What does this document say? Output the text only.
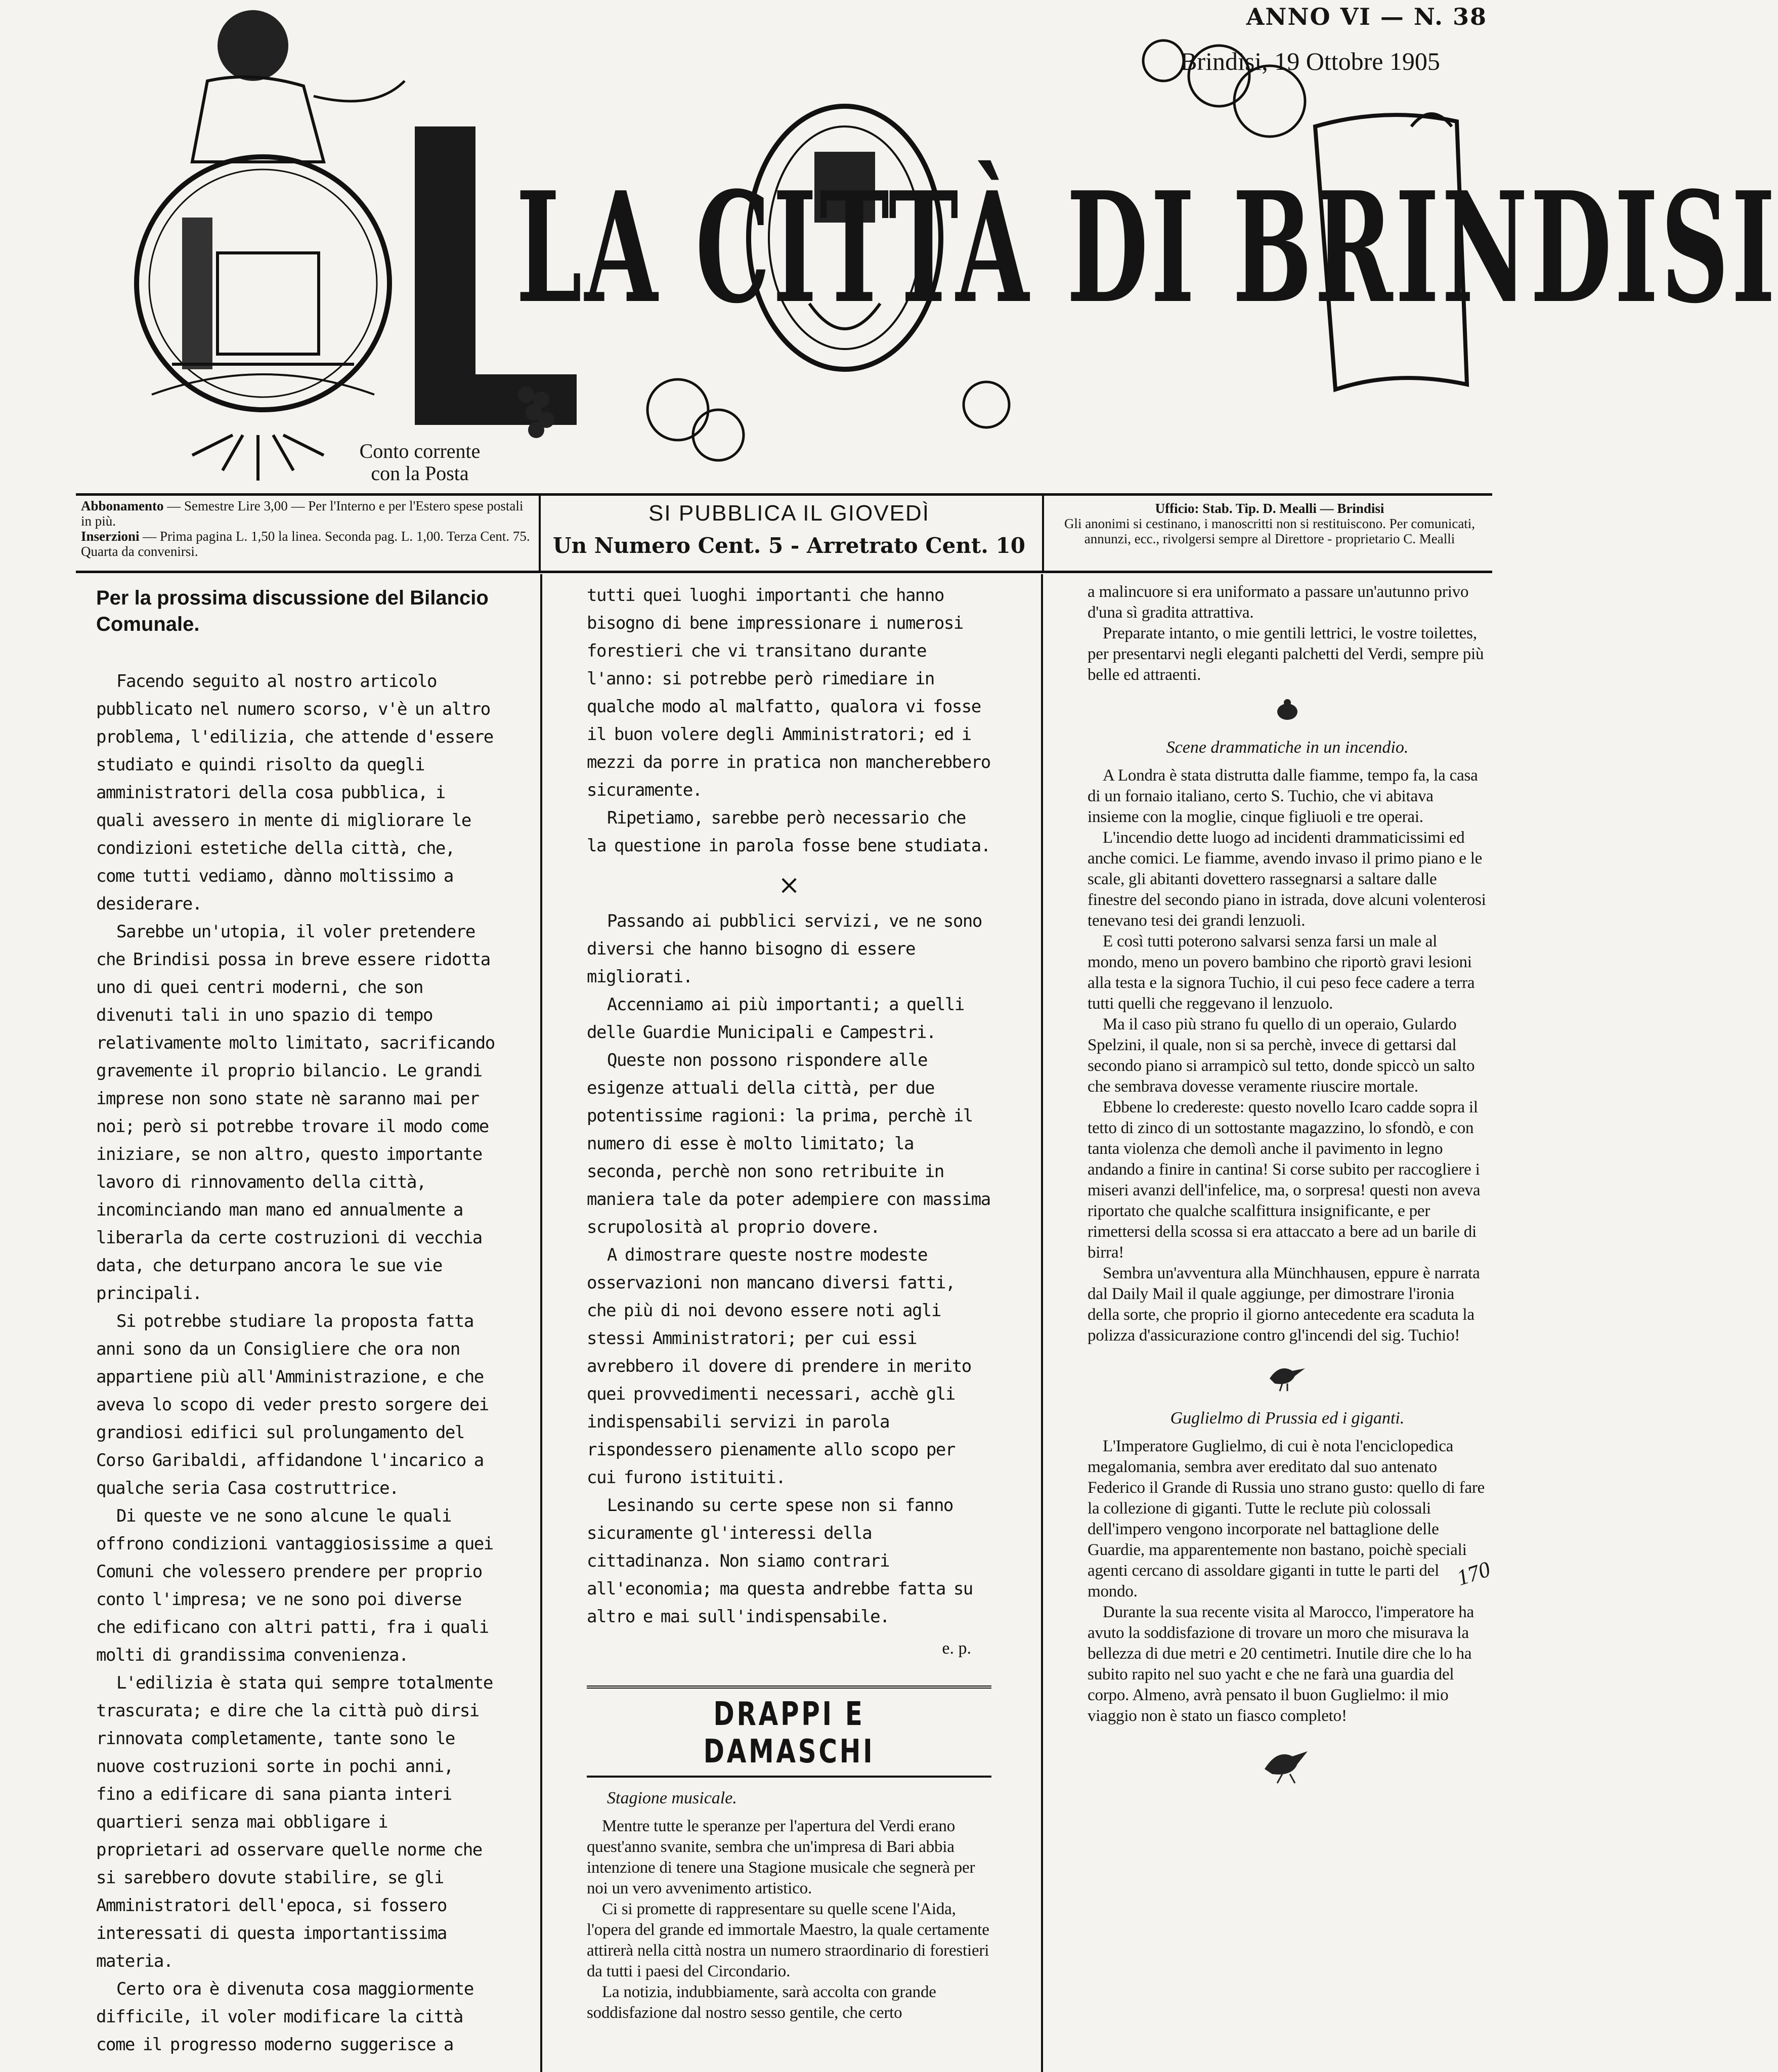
ANNO VI — N. 38
Brindisi, 19 Ottobre 1905
LA CITTÀ DI BRINDISI
Conto corrente con la Posta
Abbonamento — Semestre Lire 3,00 — Per l'Interno e per l'Estero spese postali in più.
Inserzioni — Prima pagina L. 1,50 la linea. Seconda pag. L. 1,00. Terza Cent. 75. Quarta da convenirsi.
SI PUBBLICA IL GIOVEDÌ
Un Numero Cent. 5 - Arretrato Cent. 10
Ufficio: Stab. Tip. D. Mealli — Brindisi
Gli anonimi si cestinano, i manoscritti non si restituiscono. Per comunicati, annunzi, ecc., rivolgersi sempre al Direttore - proprietario C. Mealli
Per la prossima discussione del Bilancio Comunale.

Facendo seguito al nostro articolo pubblicato nel numero scorso, v'è un altro problema, l'edilizia, che attende d'essere studiato e quindi risolto da quegli amministratori della cosa pubblica, i quali avessero in mente di migliorare le condizioni estetiche della città, che, come tutti vediamo, dànno moltissimo a desiderare.

Sarebbe un'utopia, il voler pretendere che Brindisi possa in breve essere ridotta uno di quei centri moderni, che son divenuti tali in uno spazio di tempo relativamente molto limitato, sacrificando gravemente il proprio bilancio. Le grandi imprese non sono state nè saranno mai per noi; però si potrebbe trovare il modo come iniziare, se non altro, questo importante lavoro di rinnovamento della città, incominciando man mano ed annualmente a liberarla da certe costruzioni di vecchia data, che deturpano ancora le sue vie principali.

Si potrebbe studiare la proposta fatta anni sono da un Consigliere che ora non appartiene più all'Amministrazione, e che aveva lo scopo di veder presto sorgere dei grandiosi edifici sul prolungamento del Corso Garibaldi, affidandone l'incarico a qualche seria Casa costruttrice.

Di queste ve ne sono alcune le quali offrono condizioni vantaggiosissime a quei Comuni che volessero prendere per proprio conto l'impresa; ve ne sono poi diverse che edificano con altri patti, fra i quali molti di grandissima convenienza.

L'edilizia è stata qui sempre totalmente trascurata; e dire che la città può dirsi rinnovata completamente, tante sono le nuove costruzioni sorte in pochi anni, fino a edificare di sana pianta interi quartieri senza mai obbligare i proprietari ad osservare quelle norme che si sarebbero dovute stabilire, se gli Amministratori dell'epoca, si fossero interessati di questa importantissima materia.

Certo ora è divenuta cosa maggiormente difficile, il voler modificare la città come il progresso moderno suggerisce a

tutti quei luoghi importanti che hanno bisogno di bene impressionare i numerosi forestieri che vi transitano durante l'anno: si potrebbe però rimediare in qualche modo al malfatto, qualora vi fosse il buon volere degli Amministratori; ed i mezzi da porre in pratica non mancherebbero sicuramente.

Ripetiamo, sarebbe però necessario che la questione in parola fosse bene studiata.

×

Passando ai pubblici servizi, ve ne sono diversi che hanno bisogno di essere migliorati.

Accenniamo ai più importanti; a quelli delle Guardie Municipali e Campestri.

Queste non possono rispondere alle esigenze attuali della città, per due potentissime ragioni: la prima, perchè il numero di esse è molto limitato; la seconda, perchè non sono retribuite in maniera tale da poter adempiere con massima scrupolosità al proprio dovere.

A dimostrare queste nostre modeste osservazioni non mancano diversi fatti, che più di noi devono essere noti agli stessi Amministratori; per cui essi avrebbero il dovere di prendere in merito quei provvedimenti necessari, acchè gli indispensabili servizi in parola rispondessero pienamente allo scopo per cui furono istituiti.

Lesinando su certe spese non si fanno sicuramente gl'interessi della cittadinanza. Non siamo contrari all'economia; ma questa andrebbe fatta su altro e mai sull'indispensabile.

e. p.
DRAPPI E DAMASCHI
Stagione musicale.

Mentre tutte le speranze per l'apertura del Verdi erano quest'anno svanite, sembra che un'impresa di Bari abbia intenzione di tenere una Stagione musicale che segnerà per noi un vero avvenimento artistico.

Ci si promette di rappresentare su quelle scene l'Aida, l'opera del grande ed immortale Maestro, la quale certamente attirerà nella città nostra un numero straordinario di forestieri da tutti i paesi del Circondario.

La notizia, indubbiamente, sarà accolta con grande soddisfazione dal nostro sesso gentile, che certo

a malincuore si era uniformato a passare un'autunno privo d'una sì gradita attrattiva.

Preparate intanto, o mie gentili lettrici, le vostre toilettes, per presentarvi negli eleganti palchetti del Verdi, sempre più belle ed attraenti.

Scene drammatiche in un incendio.

A Londra è stata distrutta dalle fiamme, tempo fa, la casa di un fornaio italiano, certo S. Tuchio, che vi abitava insieme con la moglie, cinque figliuoli e tre operai.

L'incendio dette luogo ad incidenti drammaticissimi ed anche comici. Le fiamme, avendo invaso il primo piano e le scale, gli abitanti dovettero rassegnarsi a saltare dalle finestre del secondo piano in istrada, dove alcuni volenterosi tenevano tesi dei grandi lenzuoli.

E così tutti poterono salvarsi senza farsi un male al mondo, meno un povero bambino che riportò gravi lesioni alla testa e la signora Tuchio, il cui peso fece cadere a terra tutti quelli che reggevano il lenzuolo.

Ma il caso più strano fu quello di un operaio, Gulardo Spelzini, il quale, non si sa perchè, invece di gettarsi dal secondo piano si arrampicò sul tetto, donde spiccò un salto che sembrava dovesse veramente riuscire mortale.

Ebbene lo credereste: questo novello Icaro cadde sopra il tetto di zinco di un sottostante magazzino, lo sfondò, e con tanta violenza che demolì anche il pavimento in legno andando a finire in cantina! Si corse subito per raccogliere i miseri avanzi dell'infelice, ma, o sorpresa! questi non aveva riportato che qualche scalfittura insignificante, e per rimettersi della scossa si era attaccato a bere ad un barile di birra!

Sembra un'avventura alla Münchhausen, eppure è narrata dal Daily Mail il quale aggiunge, per dimostrare l'ironia della sorte, che proprio il giorno antecedente era scaduta la polizza d'assicurazione contro gl'incendi del sig. Tuchio!

Guglielmo di Prussia ed i giganti.

L'Imperatore Guglielmo, di cui è nota l'enciclopedica megalomania, sembra aver ereditato dal suo antenato Federico il Grande di Russia uno strano gusto: quello di fare la collezione di giganti. Tutte le reclute più colossali dell'impero vengono incorporate nel battaglione delle Guardie, ma apparentemente non bastano, poichè speciali agenti cercano di assoldare giganti in tutte le parti del mondo.

Durante la sua recente visita al Marocco, l'imperatore ha avuto la soddisfazione di trovare un moro che misurava la bellezza di due metri e 20 centimetri. Inutile dire che lo ha subito rapito nel suo yacht e che ne farà una guardia del corpo. Almeno, avrà pensato il buon Guglielmo: il mio viaggio non è stato un fiasco completo!

170
